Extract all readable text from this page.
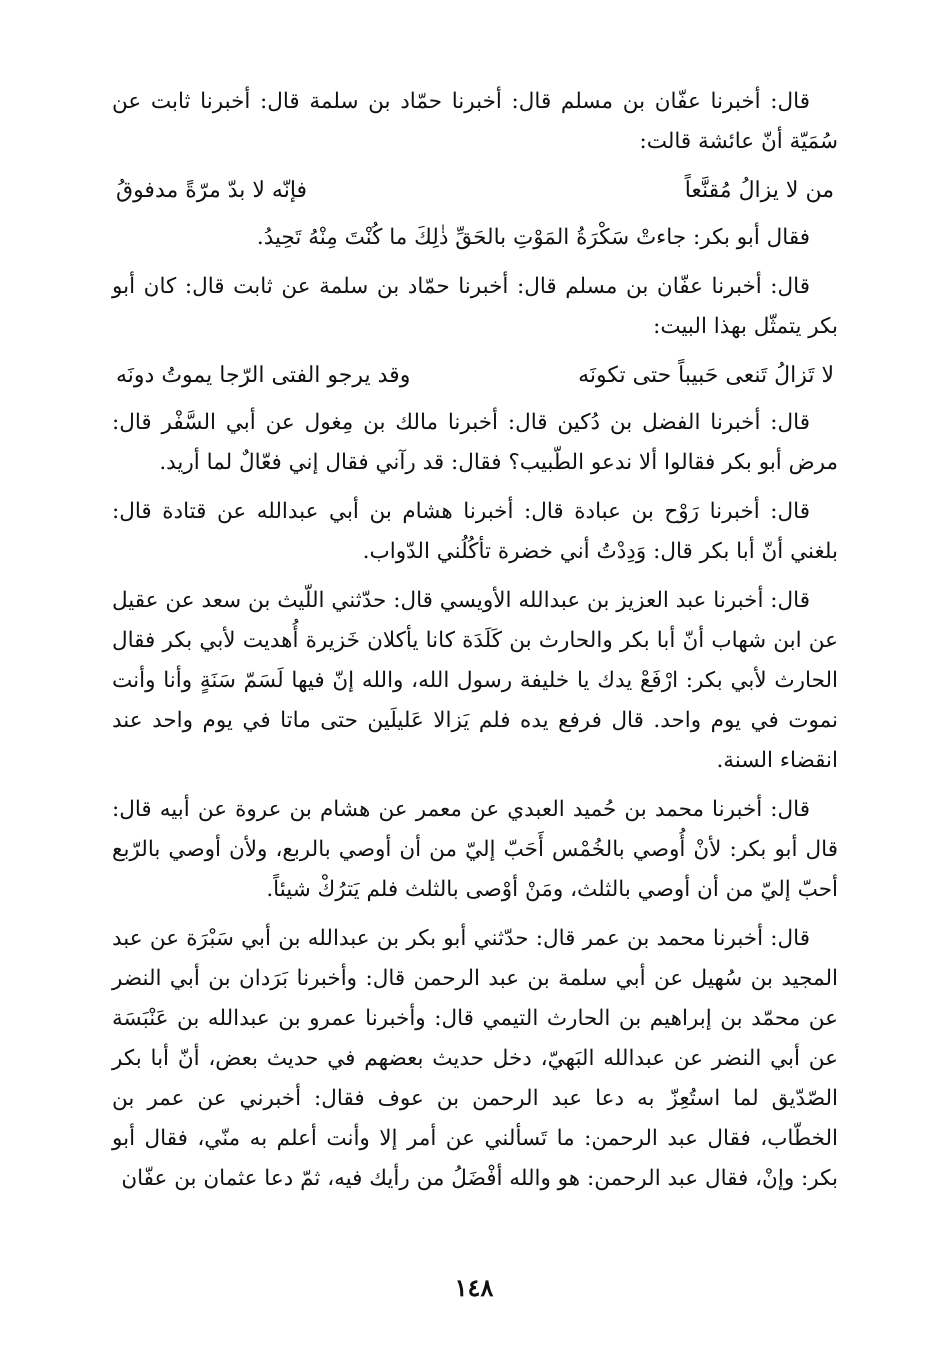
قال: أخبرنا عفّان بن مسلم قال: أخبرنا حمّاد بن سلمة قال: أخبرنا ثابت عن سُمَيّة أنّ عائشة قالت:

من لا يزالُ مُقنَّعاً
فإنّه لا بدّ مرّةً مدفوقُ

فقال أبو بكر: جاءتْ سَكْرَةُ المَوْتِ بالحَقِّ ذٰلِكَ ما كُنْتَ مِنْهُ تَحِيدُ.

قال: أخبرنا عفّان بن مسلم قال: أخبرنا حمّاد بن سلمة عن ثابت قال: كان أبو بكر يتمثّل بهذا البيت:

لا تَزالُ تَنعى حَبيباً حتى تكونَه
وقد يرجو الفتى الرّجا يموتُ دونَه

قال: أخبرنا الفضل بن دُكين قال: أخبرنا مالك بن مِغول عن أبي السَّفْر قال: مرض أبو بكر فقالوا ألا ندعو الطّبيب؟ فقال: قد رآني فقال إني فعّالٌ لما أريد.

قال: أخبرنا رَوْح بن عبادة قال: أخبرنا هشام بن أبي عبدالله عن قتادة قال: بلغني أنّ أبا بكر قال: وَدِدْتُ أني خضرة تأكُلُني الدّواب.

قال: أخبرنا عبد العزيز بن عبدالله الأويسي قال: حدّثني اللّيث بن سعد عن عقيل عن ابن شهاب أنّ أبا بكر والحارث بن كَلَدَة كانا يأكلان خَزيرة أُهديت لأبي بكر فقال الحارث لأبي بكر: ارْفَعْ يدك يا خليفة رسول الله، والله إنّ فيها لَسَمّ سَنَةٍ وأنا وأنت نموت في يوم واحد. قال فرفع يده فلم يَزالا عَليلَين حتى ماتا في يوم واحد عند انقضاء السنة.

قال: أخبرنا محمد بن حُميد العبدي عن معمر عن هشام بن عروة عن أبيه قال: قال أبو بكر: لأنْ أُوصي بالخُمْس أَحَبّ إليّ من أن أوصي بالربع، ولأن أوصي بالرّبع أحبّ إليّ من أن أوصي بالثلث، ومَنْ أوْصى بالثلث فلم يَترُكْ شيئاً.

قال: أخبرنا محمد بن عمر قال: حدّثني أبو بكر بن عبدالله بن أبي سَبْرَة عن عبد المجيد بن سُهيل عن أبي سلمة بن عبد الرحمن قال: وأخبرنا بَرَدان بن أبي النضر عن محمّد بن إبراهيم بن الحارث التيمي قال: وأخبرنا عمرو بن عبدالله بن عَنْبَسَة عن أبي النضر عن عبدالله البَهيّ، دخل حديث بعضهم في حديث بعض، أنّ أبا بكر الصّدّيق لما استُعِزّ به دعا عبد الرحمن بن عوف فقال: أخبرني عن عمر بن الخطّاب، فقال عبد الرحمن: ما تَسألني عن أمر إلا وأنت أعلم به منّي، فقال أبو بكر: وإنْ، فقال عبد الرحمن: هو والله أفْضَلُ من رأيك فيه، ثمّ دعا عثمان بن عفّان

١٤٨
